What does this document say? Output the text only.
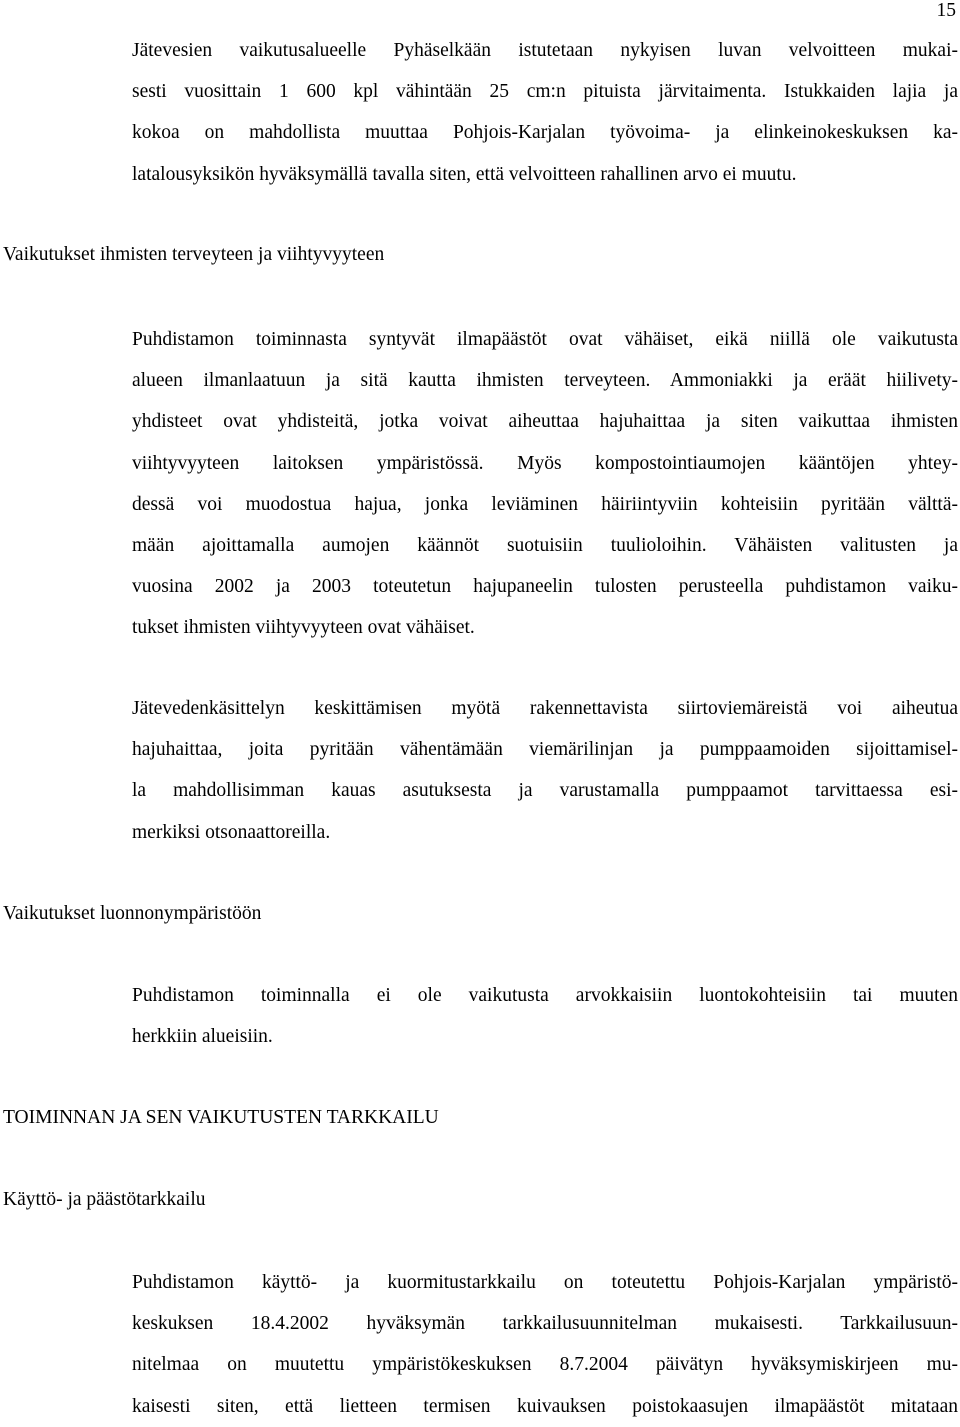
15
Jätevesien vaikutusalueelle Pyhäselkään istutetaan nykyisen luvan velvoitteen mukai-
sesti vuosittain 1 600 kpl vähintään 25 cm:n pituista järvitaimenta. Istukkaiden lajia ja
kokoa on mahdollista muuttaa Pohjois-Karjalan työvoima- ja elinkeinokeskuksen ka-
latalousyksikön hyväksymällä tavalla siten, että velvoitteen rahallinen arvo ei muutu.
Vaikutukset ihmisten terveyteen ja viihtyvyyteen
Puhdistamon toiminnasta syntyvät ilmapäästöt ovat vähäiset, eikä niillä ole vaikutusta
alueen ilmanlaatuun ja sitä kautta ihmisten terveyteen. Ammoniakki ja eräät hiilivety-
yhdisteet ovat yhdisteitä, jotka voivat aiheuttaa hajuhaittaa ja siten vaikuttaa ihmisten
viihtyvyyteen laitoksen ympäristössä. Myös kompostointiaumojen kääntöjen yhtey-
dessä voi muodostua hajua, jonka leviäminen häiriintyviin kohteisiin pyritään välttä-
mään ajoittamalla aumojen käännöt suotuisiin tuulioloihin. Vähäisten valitusten ja
vuosina 2002 ja 2003 toteutetun hajupaneelin tulosten perusteella puhdistamon vaiku-
tukset ihmisten viihtyvyyteen ovat vähäiset.
Jätevedenkäsittelyn keskittämisen myötä rakennettavista siirtoviemäreistä voi aiheutua
hajuhaittaa, joita pyritään vähentämään viemärilinjan ja pumppaamoiden sijoittamisel-
la mahdollisimman kauas asutuksesta ja varustamalla pumppaamot tarvittaessa esi-
merkiksi otsonaattoreilla.
Vaikutukset luonnonympäristöön
Puhdistamon toiminnalla ei ole vaikutusta arvokkaisiin luontokohteisiin tai muuten
herkkiin alueisiin.
TOIMINNAN JA SEN VAIKUTUSTEN TARKKAILU
Käyttö- ja päästötarkkailu
Puhdistamon käyttö- ja kuormitustarkkailu on toteutettu Pohjois-Karjalan ympäristö-
keskuksen 18.4.2002 hyväksymän tarkkailusuunnitelman mukaisesti. Tarkkailusuun-
nitelmaa on muutettu ympäristökeskuksen 8.7.2004 päivätyn hyväksymiskirjeen mu-
kaisesti siten, että lietteen termisen kuivauksen poistokaasujen ilmapäästöt mitataan
